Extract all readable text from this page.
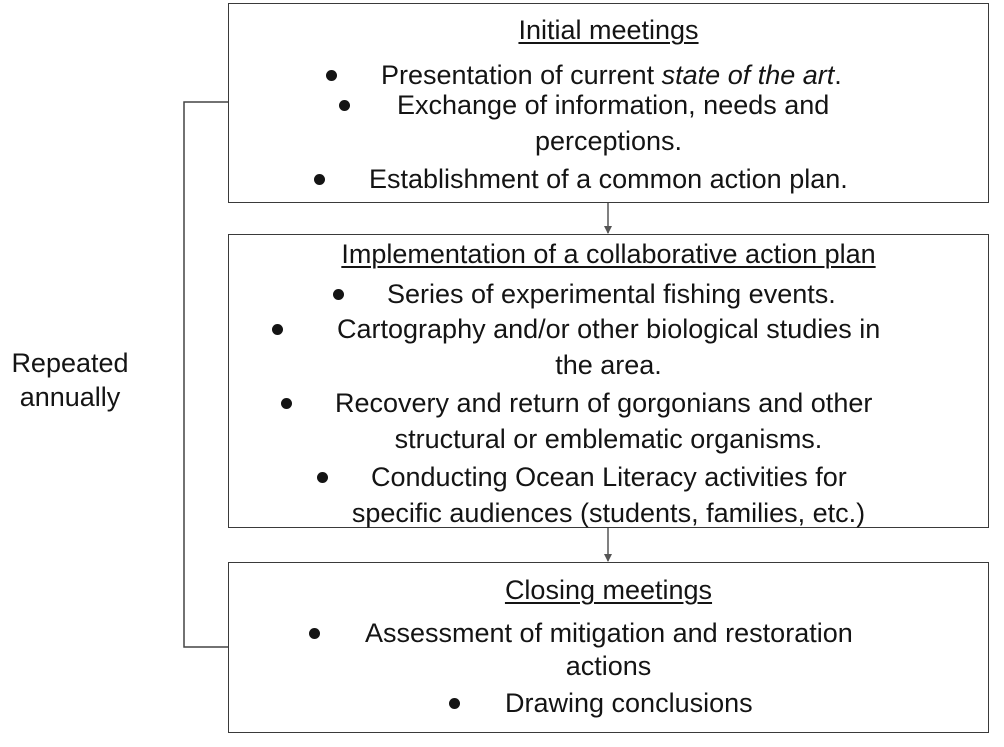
Repeated
annually
Initial meetings
Presentation of current state of the art.
Exchange of information, needs and
perceptions.
Establishment of a common action plan.
Implementation of a collaborative action plan
Series of experimental fishing events.
Cartography and/or other biological studies in
the area.
Recovery and return of gorgonians and other
structural or emblematic organisms.
Conducting Ocean Literacy activities for
specific audiences (students, families, etc.)
Closing meetings
Assessment of mitigation and restoration
actions
Drawing conclusions
